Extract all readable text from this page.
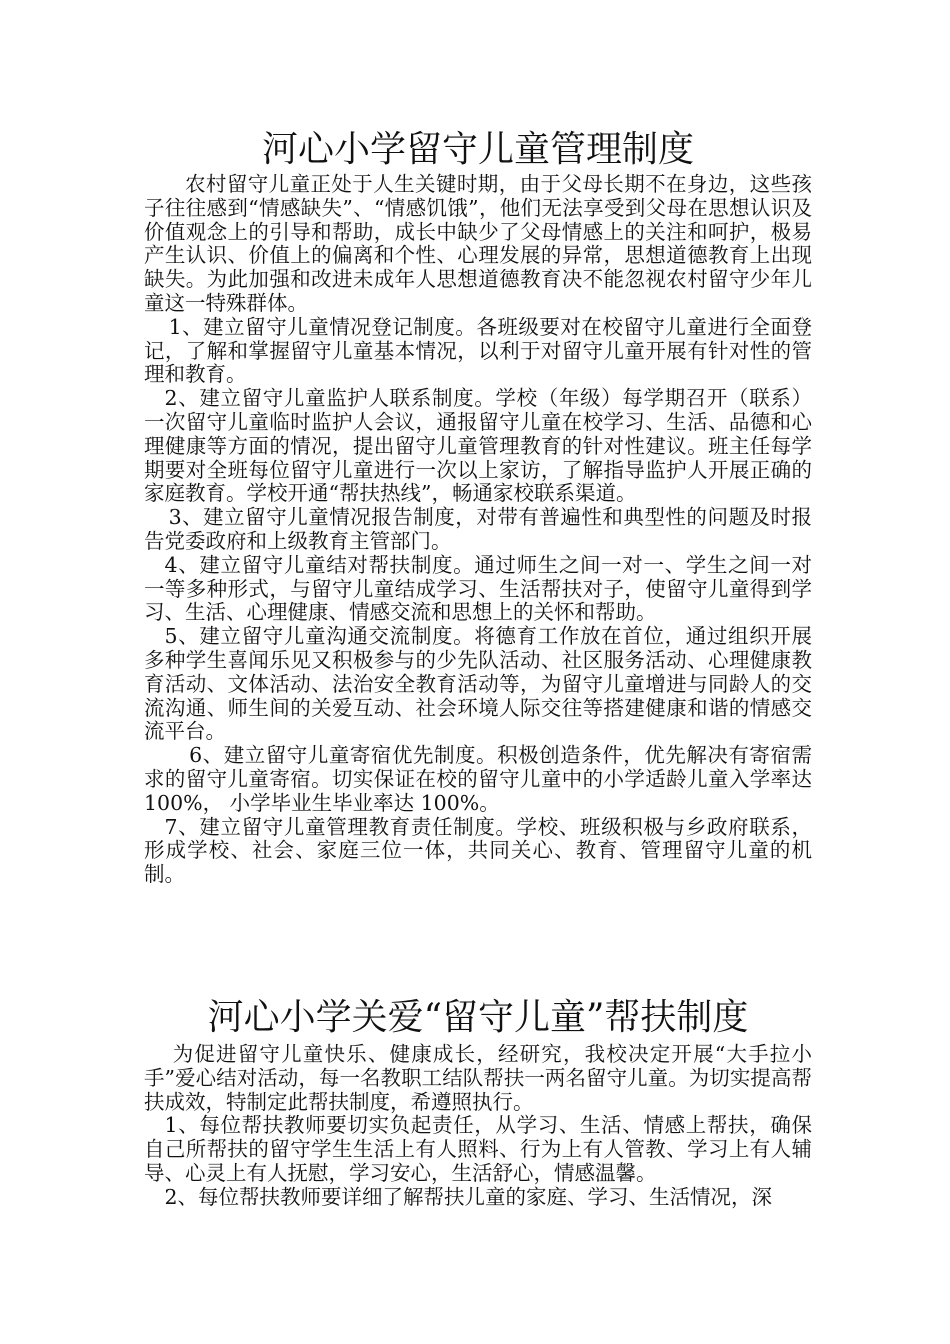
河心小学留守儿童管理制度

农村留守儿童正处于人生关键时期，由于父母长期不在身边，这些孩子往往感到“情感缺失”、“情感饥饿”，他们无法享受到父母在思想认识及价值观念上的引导和帮助，成长中缺少了父母情感上的关注和呵护，极易产生认识、价值上的偏离和个性、心理发展的异常，思想道德教育上出现缺失。为此加强和改进未成年人思想道德教育决不能忽视农村留守少年儿童这一特殊群体。

1、建立留守儿童情况登记制度。各班级要对在校留守儿童进行全面登记，了解和掌握留守儿童基本情况，以利于对留守儿童开展有针对性的管理和教育。

2、建立留守儿童监护人联系制度。学校（年级）每学期召开（联系）一次留守儿童临时监护人会议，通报留守儿童在校学习、生活、品德和心理健康等方面的情况，提出留守儿童管理教育的针对性建议。班主任每学期要对全班每位留守儿童进行一次以上家访，了解指导监护人开展正确的家庭教育。学校开通“帮扶热线”，畅通家校联系渠道。

3、建立留守儿童情况报告制度，对带有普遍性和典型性的问题及时报告党委政府和上级教育主管部门。

4、建立留守儿童结对帮扶制度。通过师生之间一对一、学生之间一对一等多种形式，与留守儿童结成学习、生活帮扶对子，使留守儿童得到学习、生活、心理健康、情感交流和思想上的关怀和帮助。

5、建立留守儿童沟通交流制度。将德育工作放在首位，通过组织开展多种学生喜闻乐见又积极参与的少先队活动、社区服务活动、心理健康教育活动、文体活动、法治安全教育活动等，为留守儿童增进与同龄人的交流沟通、师生间的关爱互动、社会环境人际交往等搭建健康和谐的情感交流平台。

6、建立留守儿童寄宿优先制度。积极创造条件，优先解决有寄宿需求的留守儿童寄宿。切实保证在校的留守儿童中的小学适龄儿童入学率达 100%， 小学毕业生毕业率达 100%。

7、建立留守儿童管理教育责任制度。学校、班级积极与乡政府联系，形成学校、社会、家庭三位一体，共同关心、教育、管理留守儿童的机制。

河心小学关爱“留守儿童”帮扶制度

为促进留守儿童快乐、健康成长，经研究，我校决定开展“大手拉小手”爱心结对活动，每一名教职工结队帮扶一两名留守儿童。为切实提高帮扶成效，特制定此帮扶制度，希遵照执行。

1、每位帮扶教师要切实负起责任，从学习、生活、情感上帮扶，确保自己所帮扶的留守学生生活上有人照料、行为上有人管教、学习上有人辅导、心灵上有人抚慰，学习安心，生活舒心，情感温馨。

2、每位帮扶教师要详细了解帮扶儿童的家庭、学习、生活情况，深
